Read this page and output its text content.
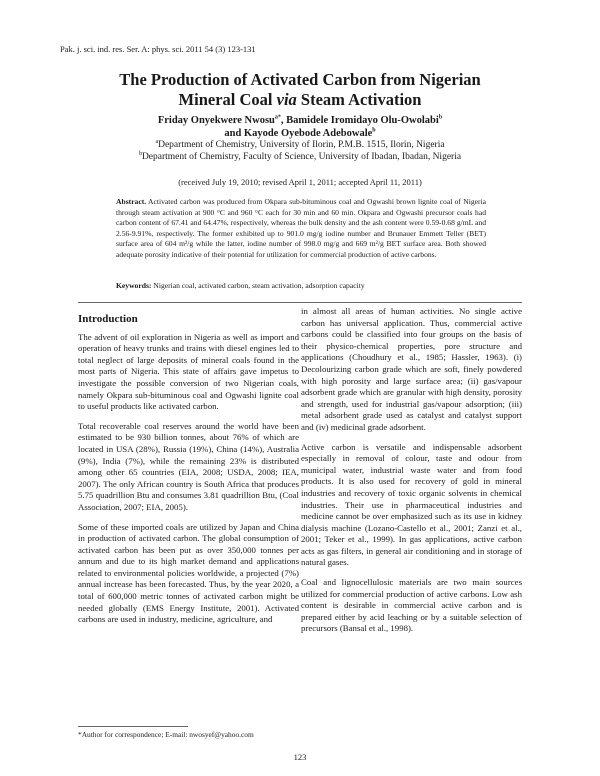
Pak. j. sci. ind. res. Ser. A: phys. sci. 2011 54 (3) 123-131
The Production of Activated Carbon from Nigerian
Mineral Coal via Steam Activation
Friday Onyekwere Nwosu$^{a*}$, Bamidele Iromidayo Olu-Owolabi$^b$
and Kayode Oyebode Adebowale$^b$
$^a$Department of Chemistry, University of Ilorin, P.M.B. 1515, Ilorin, Nigeria
$^b$Department of Chemistry, Faculty of Science, University of Ibadan, Ibadan, Nigeria
(received July 19, 2010; revised April 1, 2011; accepted April 11, 2011)
Abstract. Activated carbon was produced from Okpara sub-bituminous coal and Ogwashi brown lignite coal of Nigeria through steam activation at 900 °C and 960 °C each for 30 min and 60 min. Okpara and Ogwashi precursor coals had carbon content of 67.41 and 64.47%, respectively, whereas the bulk density and the ash content were 0.59-0.68 g/mL and 2.56-9.91%, respectively. The former exhibited up to 901.0 mg/g iodine number and Brunauer Emmett Teller (BET) surface area of 604 m²/g while the latter, iodine number of 998.0 mg/g and 669 m²/g BET surface area. Both showed adequate porosity indicative of their potential for utilization for commercial production of active carbons.
Keywords: Nigerian coal, activated carbon, steam activation, adsorption capacity
Introduction

The advent of oil exploration in Nigeria as well as import and operation of heavy trunks and trains with diesel engines led to total neglect of large deposits of mineral coals found in the most parts of Nigeria. This state of affairs gave impetus to investigate the possible conversion of two Nigerian coals, namely Okpara sub-bituminous coal and Ogwashi lignite coal to useful products like activated carbon.

Total recoverable coal reserves around the world have been estimated to be 930 billion tonnes, about 76% of which are located in USA (28%), Russia (19%), China (14%), Australia (9%), India (7%), while the remaining 23% is distributed among other 65 countries (EIA, 2008; USDA, 2008; IEA, 2007). The only African country is South Africa that produces 5.75 quadrillion Btu and consumes 3.81 quadrillion Btu, (Coal Association, 2007; EIA, 2005).

Some of these imported coals are utilized by Japan and China in production of activated carbon. The global consumption of activated carbon has been put as over 350,000 tonnes per annum and due to its high market demand and applications related to environmental policies worldwide, a projected (7%) annual increase has been forecasted. Thus, by the year 2020, a total of 600,000 metric tonnes of activated carbon might be needed globally (EMS Energy Institute, 2001). Activated carbons are used in industry, medicine, agriculture, and

in almost all areas of human activities. No single active carbon has universal application. Thus, commercial active carbons could be classified into four groups on the basis of their physico-chemical properties, pore structure and applications (Choudhury et al., 1985; Hassler, 1963). (i) Decolourizing carbon grade which are soft, finely powdered with high porosity and large surface area; (ii) gas/vapour adsorbent grade which are granular with high density, porosity and strength, used for industrial gas/vapour adsorption; (iii) metal adsorbent grade used as catalyst and catalyst support and (iv) medicinal grade adsorbent.

Active carbon is versatile and indispensable adsorbent especially in removal of colour, taste and odour from municipal water, industrial waste water and from food products. It is also used for recovery of gold in mineral industries and recovery of toxic organic solvents in chemical industries. Their use in pharmaceutical industries and medicine cannot be over emphasized such as its use in kidney dialysis machine (Lozano-Castello et al., 2001; Zanzi et al., 2001; Teker et al., 1999). In gas applications, active carbon acts as gas filters, in general air conditioning and in storage of natural gases.

Coal and lignocellulosic materials are two main sources utilized for commercial production of active carbons. Low ash content is desirable in commercial active carbon and is prepared either by acid leaching or by a suitable selection of precursors (Bansal et al., 1998).

*Author for correspondence; E-mail: nwosyef@yahoo.com
123
